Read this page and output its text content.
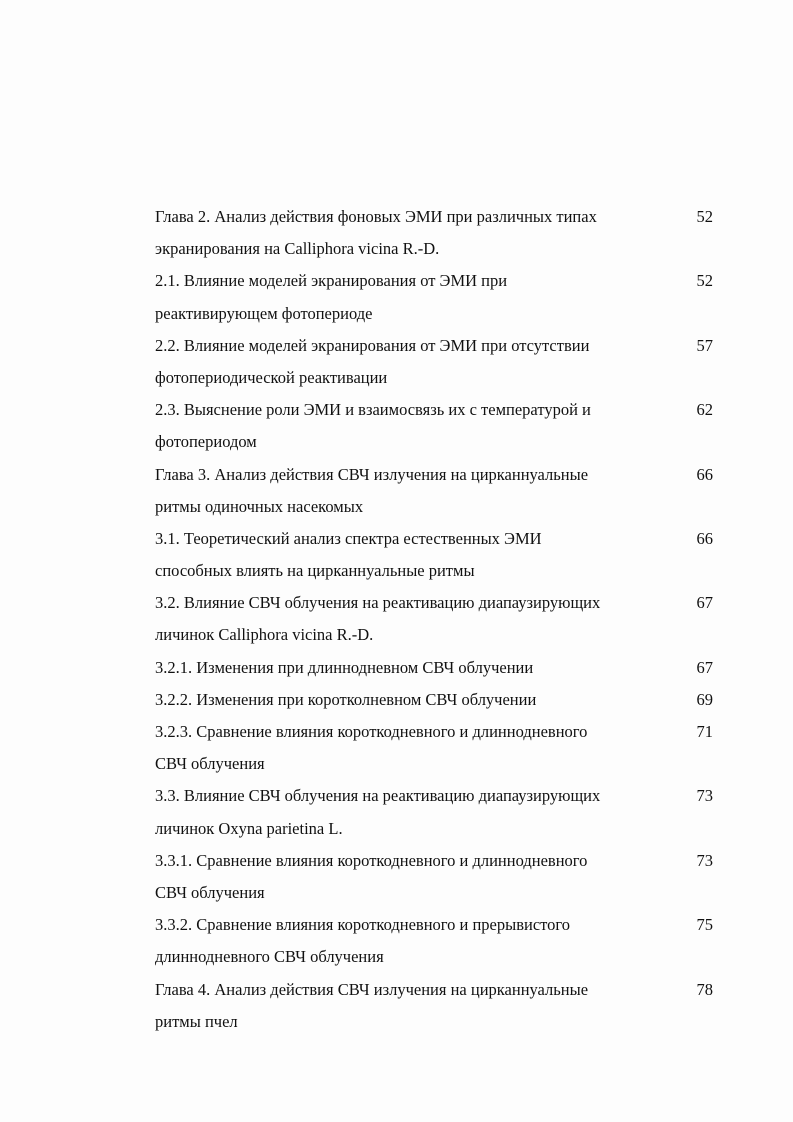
Глава 2. Анализ действия фоновых ЭМИ при различных типах
экранирования на Calliphora vicina R.-D.
52
2.1. Влияние моделей экранирования от ЭМИ при
реактивирующем фотопериоде
52
2.2. Влияние моделей экранирования от ЭМИ при отсутствии
фотопериодической реактивации
57
2.3. Выяснение роли ЭМИ и взаимосвязь их с температурой и
фотопериодом
62
Глава 3. Анализ действия СВЧ излучения на цирканнуальные
ритмы одиночных насекомых
66
3.1. Теоретический анализ спектра естественных ЭМИ
способных влиять на цирканнуальные ритмы
66
3.2. Влияние СВЧ облучения на реактивацию диапаузирующих
личинок Calliphora vicina R.-D.
67
3.2.1. Изменения при длиннодневном СВЧ облучении	67
3.2.2. Изменения при коротколневном СВЧ облучении	69
3.2.3. Сравнение влияния короткодневного и длиннодневного
СВЧ облучения
71
3.3. Влияние СВЧ облучения на реактивацию диапаузирующих
личинок Oxyna parietina L.
73
3.3.1. Сравнение влияния короткодневного и длиннодневного
СВЧ облучения
73
3.3.2. Сравнение влияния короткодневного и прерывистого
длиннодневного СВЧ облучения
75
Глава 4. Анализ действия СВЧ излучения на цирканнуальные
ритмы пчел
78
